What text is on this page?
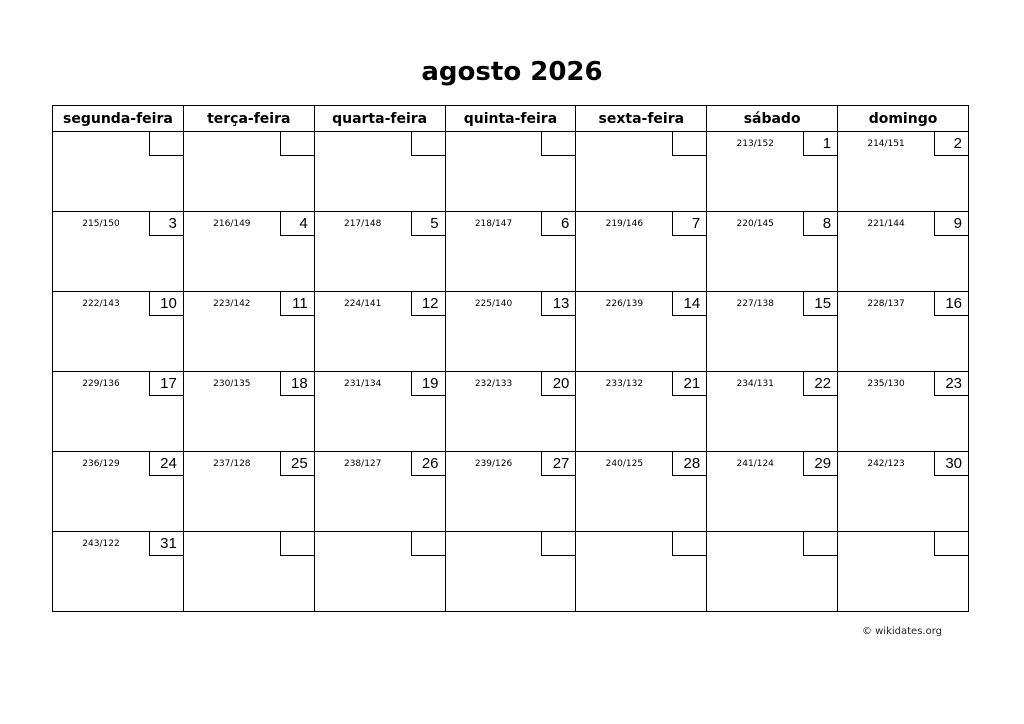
agosto 2026
segunda-feira	terça-feira	quarta-feira	quinta-feira	sexta-feira	sábado	domingo

					213/152 1	214/151 2

215/150 3	216/149 4	217/148 5	218/147 6	219/146 7	220/145 8	221/144 9

222/143 10	223/142 11	224/141 12	225/140 13	226/139 14	227/138 15	228/137 16

229/136 17	230/135 18	231/134 19	232/133 20	233/132 21	234/131 22	235/130 23

236/129 24	237/128 25	238/127 26	239/126 27	240/125 28	241/124 29	242/123 30

243/122 31						

© wikidates.org
